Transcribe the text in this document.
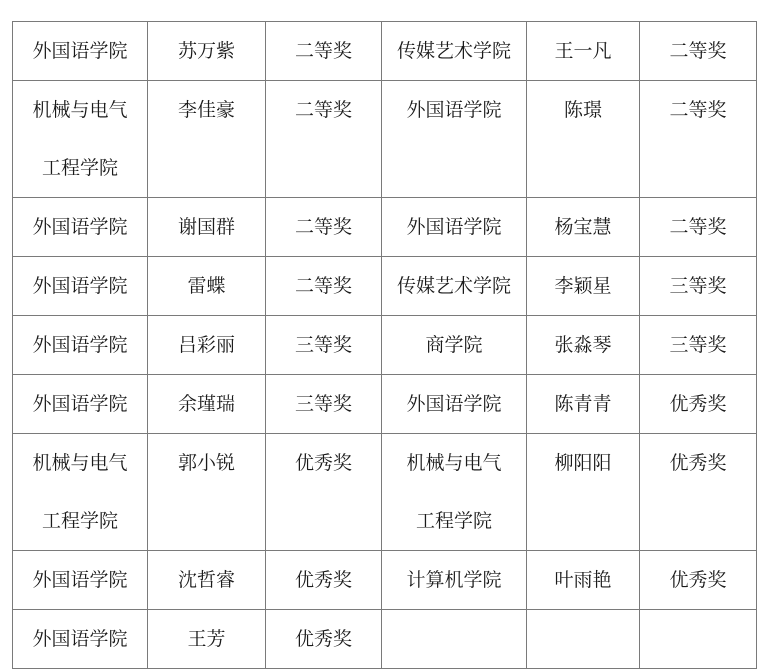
外国语学院	苏万紫	二等奖	传媒艺术学院	王一凡	二等奖

机械与电气
工程学院	李佳豪	二等奖	外国语学院	陈璟	二等奖
外国语学院	谢国群	二等奖	外国语学院	杨宝慧	二等奖
外国语学院	雷蝶	二等奖	传媒艺术学院	李颖星	三等奖
外国语学院	吕彩丽	三等奖	商学院	张淼琴	三等奖
外国语学院	余瑾瑞	三等奖	外国语学院	陈青青	优秀奖

机械与电气
工程学院	郭小锐	优秀奖	机械与电气
工程学院	柳阳阳	优秀奖
外国语学院	沈哲睿	优秀奖	计算机学院	叶雨艳	优秀奖
外国语学院	王芳	优秀奖			
